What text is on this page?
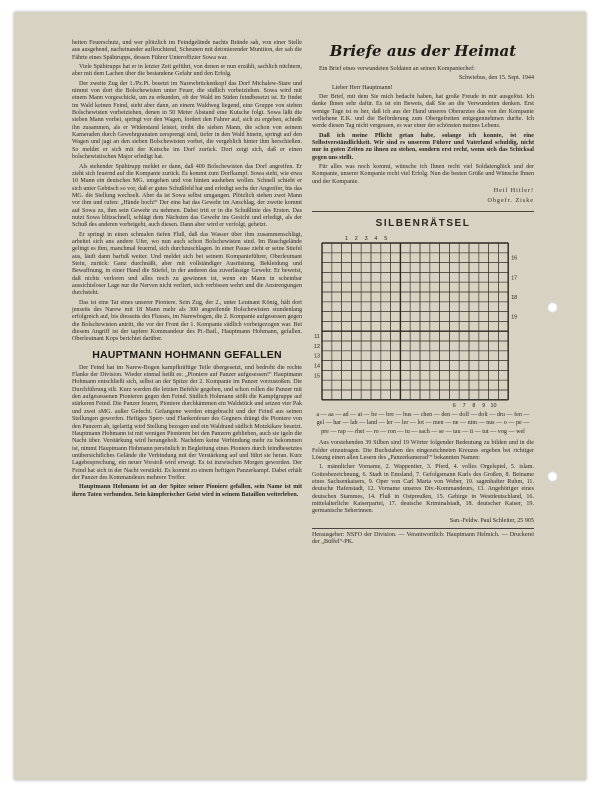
heiten Feuerschutz, und wer plötzlich im Feindgelände nachts Brände sah, von einer Stelle aus ausgehend, nacheinander aufleuchtend, Scheunen mit detonierender Munition, der sah die Fährte eines Spähtrupps, dessen Führer Unteroffizier Sowa war.

Viele Spähtrupps hat er in letzter Zeit geführt, von denen er nun erzählt, sachlich nüchtern, aber mit dem Lachen über die bestandene Gefahr und den Erfolg.

Der zweite Zug der 1./Pz.Pi. besetzt im Narewbrückenkopf das Dorf Michalew-Stare und nimmt von dort die Bolschewisten unter Feuer, die südlich vorbeiziehen. Sowa wird mit einem Mann vorgeschickt, um zu erkunden, ob der Wald im Süden feindbesetzt ist. Er findet im Wald keinen Feind, sieht aber dann, an einem Waldweg liegend, eine Gruppe von sieben Bolschewisten vorbeiziehen, denen in 50 Meter Abstand eine Kutsche folgt. Sowa läßt die sieben Mann vorbei, springt vor den Wagen, fordert den Fahrer auf, sich zu ergeben, schießt ihn zusammen, als er Widerstand leistet, treibt die sieben Mann, die schon von seinem Kameraden durch Gewehrgranaten zersprengt sind, tiefer in den Wald hinein, springt auf den Wagen und jagt an den sieben Bolschewisten vorbei, die vergeblich hinter ihm herschießen. So meldet er sich mit der Kutsche im Dorf zurück. Dort zeigt sich, daß er einen bolschewistischen Major erledigt hat.

Als stehender Spähtrupp meldet er dann, daß 400 Bolschewisten das Dorf angreifen. Er zieht sich feuernd auf die Kompanie zurück. Es kommt zum Dorfkampf. Sowa sieht, wie etwa 10 Mann ein deutsches MG. umgehen und von hinten ausheben wollen. Schnell schiebt er sich unter Gebüsch so vor, daß er gutes Schußfeld hat und erledigt sechs der Angreifer, bis das MG. die Stellung wechselt. Aber da ist Sowa selbst umgangen. Plötzlich stehen zwei Mann vor ihm und rufen: „Hände hoch!“ Der eine hat das Gewehr im Anschlag, der zweite kommt auf Sowa zu, ihm sein Gewehr zu nehmen. Dabei tritt er in die Schußlinie des Ersten. Das nutzt Sowa blitzschnell, schlägt dem Nächsten das Gewehr ins Gesicht und erledigt, als der Schuß des anderen vorbeigeht, auch diesen. Dann aber wird er verfolgt, gehetzt.

Er springt in einen schmalen tiefen Fluß, daß das Wasser über ihm zusammenschlägt, arbeitet sich ans andere Ufer, wo nun auch schon Bolschewisten sind. Im Buschgelände gelingt es ihm, manchmal feuernd, sich durchzuschlagen. In einer Pause zieht er seine Stiefel aus, läuft dann barfuß weiter. Und meldet sich bei seinem Kompanieführer, Oberleutnant Stein, zurück: Ganz durchnäßt, aber mit vollständiger Ausrüstung, Bekleidung und Bewaffnung, in einer Hand die Stiefel, in der anderen das zuverlässige Gewehr. Er beweist, daß nichts verloren und alles noch zu gewinnen ist, wenn ein Mann in scheinbar aussichtsloser Lage nur die Nerven nicht verliert, sich verbissen wehrt und die Anstrengungen durchsteht.

Das ist eine Tat eines unserer Pioniere. Sein Zug, der 2., unter Leutnant König, hält dort jenseits des Narew mit 18 Mann mehr als 300 angreifende Bolschewisten stundenlang erfolgreich auf, bis diesseits des Flusses, im Narewbogen, die 2. Kompanie aufgesessen gegen die Bolschewisten antritt, die vor der Front der 1. Kompanie südlich vorbeigezogen war. Bei diesem Angriff ist der tapfere Kommandeur des Pi.-Batl., Hauptmann Hohmann, gefallen. Oberleutnant Kops berichtet darüber.

HAUPTMANN HOHMANN GEFALLEN

Der Feind hat im Narew-Bogen kampfkräftige Teile übergesetzt, und bedroht die rechte Flanke der Division. Wieder einmal heißt es: „Pioniere auf Panzer aufgesessen!“ Hauptmann Hohmann entschließt sich, selbst an der Spitze der 2. Kompanie im Panzer vorzustoßen. Die Durchführung eilt. Kurz werden die letzten Befehle gegeben, und schon rollen die Panzer mit den aufgesessenen Pionieren gegen den Feind. Südlich Hohmann stößt die Kampfgruppe auf stärkeren Feind. Die Panzer feuern, Pioniere durchkämmen ein Waldstück und setzen vier Pak und zwei sMG. außer Gefecht. Gefangene werden eingebracht und der Feind aus seinen Stellungen geworfen. Heftiges Sperr- und Flankenfeuer des Gegners drängt die Pioniere von den Panzern ab, igelartig wird Stellung bezogen und ein Waldrand südlich Motzkikaw besetzt. Hauptmann Hohmann ist mit wenigen Pionieren bei den Panzern geblieben, auch sie igeln die Nacht über. Verstärkung wird herangeholt. Nachdem keine Verbindung mehr zu bekommen ist, nimmt Hauptmann Hohmann persönlich in Begleitung eines Pioniers durch feindbesetztes unübersichtliches Gelände die Verbindung mit der Verstärkung auf und führt sie heran. Kurz Lagebesprechung, ein neuer Vorstoß wird erwogt. Es ist inzwischen Morgen geworden. Der Feind hat sich in der Nacht verstärkt. Es kommt zu einem heftigen Panzerkampf. Dabei erhält der Panzer des Kommandeurs mehrere Treffer.

Hauptmann Hohmann ist an der Spitze seiner Pioniere gefallen, sein Name ist mit ihren Taten verbunden. Sein kämpferischer Geist wird in seinem Bataillon weiterleben.

Briefe aus der Heimat

Ein Brief eines verwundeten Soldaten an seinen Kompaniechef:

Schwiebus, den 15. Sept. 1944

Lieber Herr Hauptmann!

Der Brief, mit dem Sie mich bedacht haben, hat große Freude in mir ausgelöst. Ich danke Ihnen sehr dafür. Es ist ein Beweis, daß Sie an die Verwundeten denken. Erst wenige Tage ist es her, daß ich aus der Hand unseres Oberarztes das von der Kompanie verliehene E.K. und die Beförderung zum Obergefreiten entgegennehmen durfte. Ich werde diesen Tag nicht vergessen, es war einer der schönsten meines Lebens.

Daß ich meine Pflicht getan habe, solange ich konnte, ist eine Selbstverständlichkeit. Wir sind es unserem Führer und Vaterland schuldig, nicht nur in guten Zeiten zu ihnen zu stehen, sondern erst recht, wenn sich das Schicksal gegen uns stellt.

Für alles was noch kommt, wünsche ich Ihnen recht viel Soldatenglück und der Kompanie, unserer Kompanie recht viel Erfolg. Nun die besten Grüße und Wünsche Ihnen und der Kompanie.

Heil Hitler!

Obgefr. Ziske

SILBENRÄTSEL
1 2 3 4 5
16
17
18
19
11
12
13
14
15
6 7 8 9 10

a — aa — ad — at — be — bre — bus — chen — den — dolf — dolt — dru — fen — gel — har — lah — land — ler — ler — lot — men — ne — nim — nus — o — pe — pre — rap — rhei — ro — ron — tu — sach — se — tau — ti — tut — vog — wel

Aus vorstehenden 39 Silben sind 19 Wörter folgender Bedeutung zu bilden und in die Felder einzutragen. Die Buchstaben des eingezeichneten Kreuzes ergeben bei richtiger Lösung einen allen Lesern des „Panzerkameradʼ“ bekannten Namen:

1. männlicher Vorname, 2. Wappentier, 3. Pferd, 4. volles Orgelspiel, 5. islam. Gottesbezeichnung, 6. Stadt in Emsland, 7. Gefolgsmann Karls des Großen, 8. Beiname eines Sachsenkaisers, 9. Oper von Carl Maria von Weber, 10. sagenhafter Ruhm, 11. deutsche Hafenstadt, 12. Vorname unseres Div.-Kommandeurs, 13. Angehöriger eines deutschen Stammes, 14. Fluß in Ostpreußen, 15. Gebirge in Westdeutschland, 16. mittelalterliche Kaiserpartei, 17. deutsche Kriminalstadt, 18. deutscher Kaiser, 19. germanische Seherinnen.

San.-Feldw. Paul Schleiter, 25 905

Herausgeber: NSFO der Division. — Verantwortlich: Hauptmann Helmich. — Druckerei der „Büffel“-PK.
